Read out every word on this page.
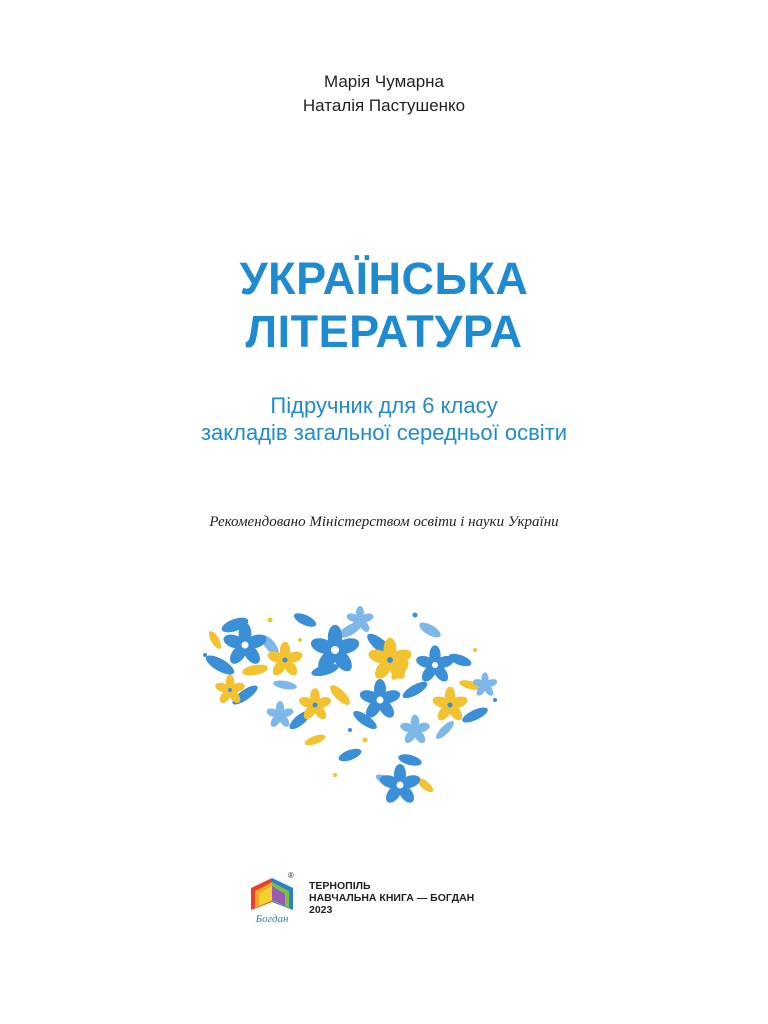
Марія Чумарна
Наталія Пастушенко
УКРАЇНСЬКА
ЛІТЕРАТУРА
Підручник для 6 класу
закладів загальної середньої освіти
Рекомендовано Міністерством освіти і науки України
Богдан
®
ТЕРНОПІЛЬ
НАВЧАЛЬНА КНИГА — БОГДАН
2023
